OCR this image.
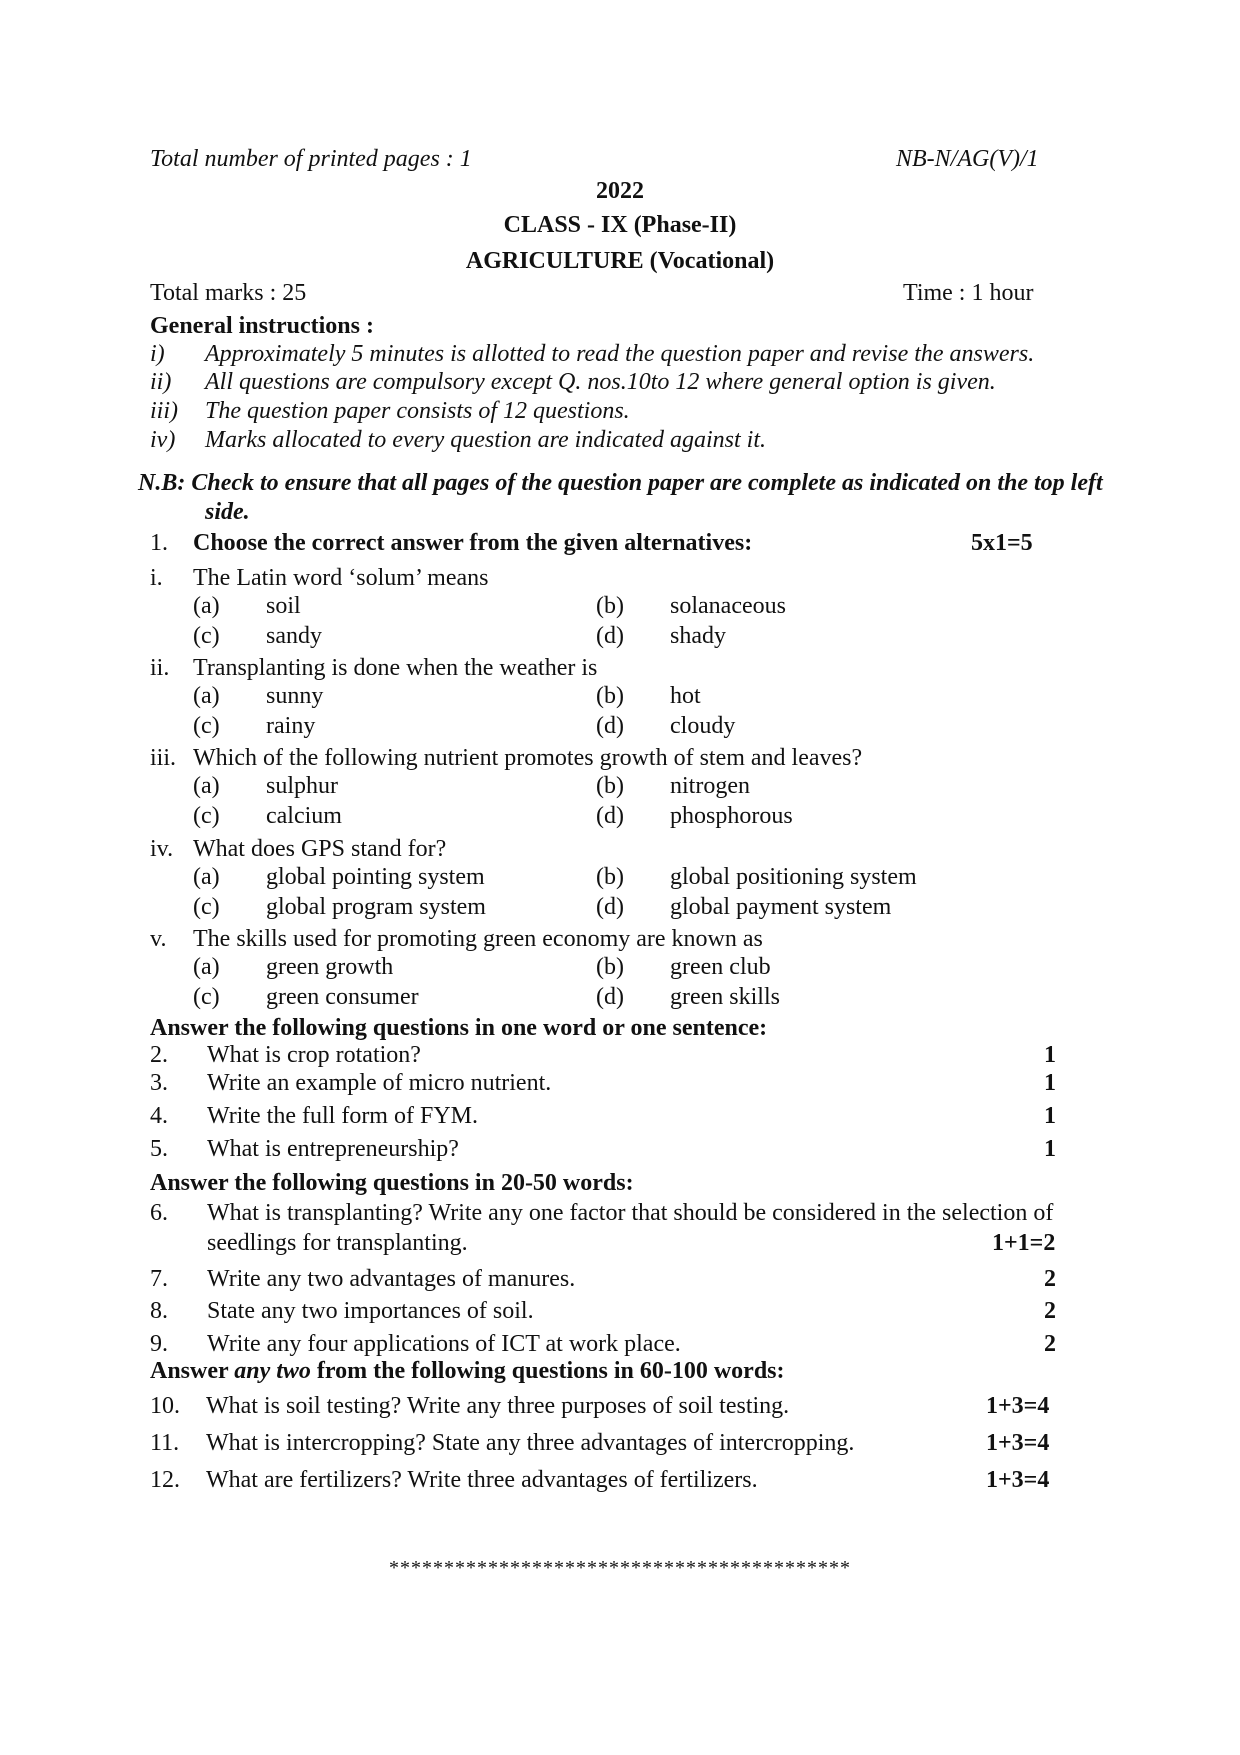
Total number of printed pages : 1	NB-N/AG(V)/1
2022
CLASS - IX (Phase-II)
AGRICULTURE (Vocational)
Total marks : 25	Time : 1 hour
General instructions :
i) Approximately 5 minutes is allotted to read the question paper and revise the answers.
ii) All questions are compulsory except Q. nos.10to 12 where general option is given.
iii) The question paper consists of 12 questions.
iv) Marks allocated to every question are indicated against it.
N.B: Check to ensure that all pages of the question paper are complete as indicated on the top left
side.
1. Choose the correct answer from the given alternatives:	5x1=5
i. The Latin word ‘solum’ means
(a) soil	(b) solanaceous
(c) sandy	(d) shady
ii. Transplanting is done when the weather is
(a) sunny	(b) hot
(c) rainy	(d) cloudy
iii. Which of the following nutrient promotes growth of stem and leaves?
(a) sulphur	(b) nitrogen
(c) calcium	(d) phosphorous
iv. What does GPS stand for?
(a) global pointing system	(b) global positioning system
(c) global program system	(d) global payment system
v. The skills used for promoting green economy are known as
(a) green growth	(b) green club
(c) green consumer	(d) green skills
Answer the following questions in one word or one sentence:
2. What is crop rotation?	1
3. Write an example of micro nutrient.	1
4. Write the full form of FYM.	1
5. What is entrepreneurship?	1
Answer the following questions in 20-50 words:
6. What is transplanting? Write any one factor that should be considered in the selection of
seedlings for transplanting.	1+1=2
7. Write any two advantages of manures.	2
8. State any two importances of soil.	2
9. Write any four applications of ICT at work place.	2
Answer any two from the following questions in 60-100 words:
10. What is soil testing? Write any three purposes of soil testing.	1+3=4
11. What is intercropping? State any three advantages of intercropping.	1+3=4
12. What are fertilizers? Write three advantages of fertilizers.	1+3=4
******************************************
